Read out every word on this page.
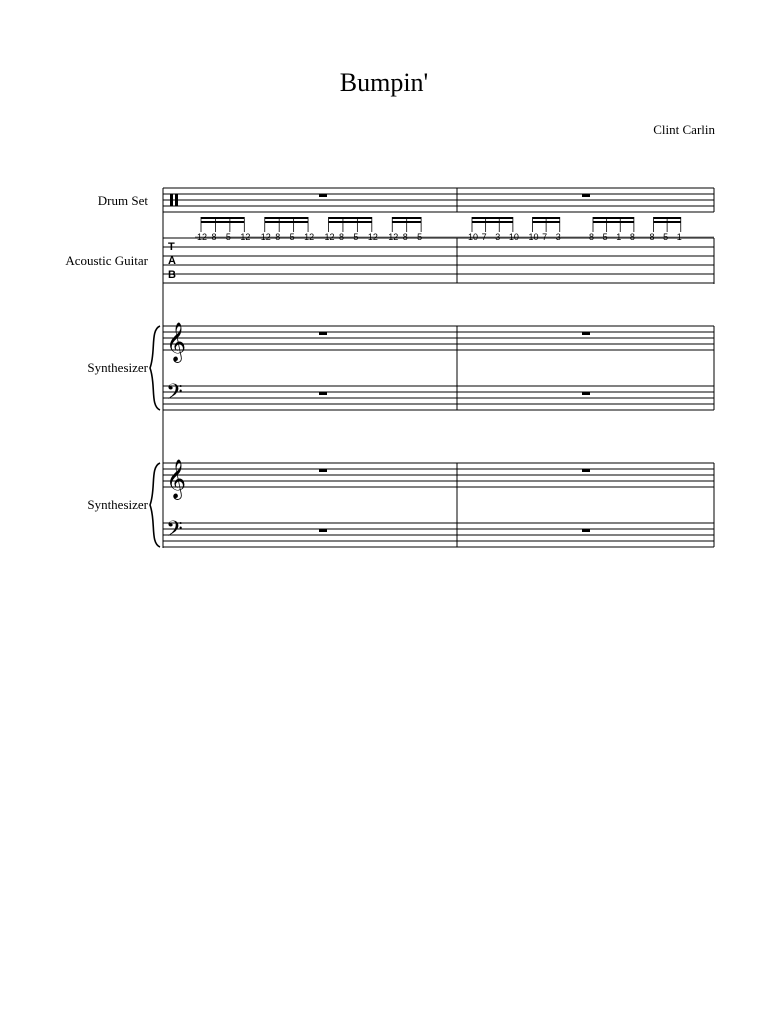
Bumpin'
Clint Carlin
Drum Set
Acoustic Guitar
Synthesizer
Synthesizer
T
A
B
12 8 5 12 12 8 5 12 12 8 5 12 12 8 5	10 7 3 10 10 7 3	8 5 1 8 8 5 1
𝄞
𝄢
𝄞
𝄢
